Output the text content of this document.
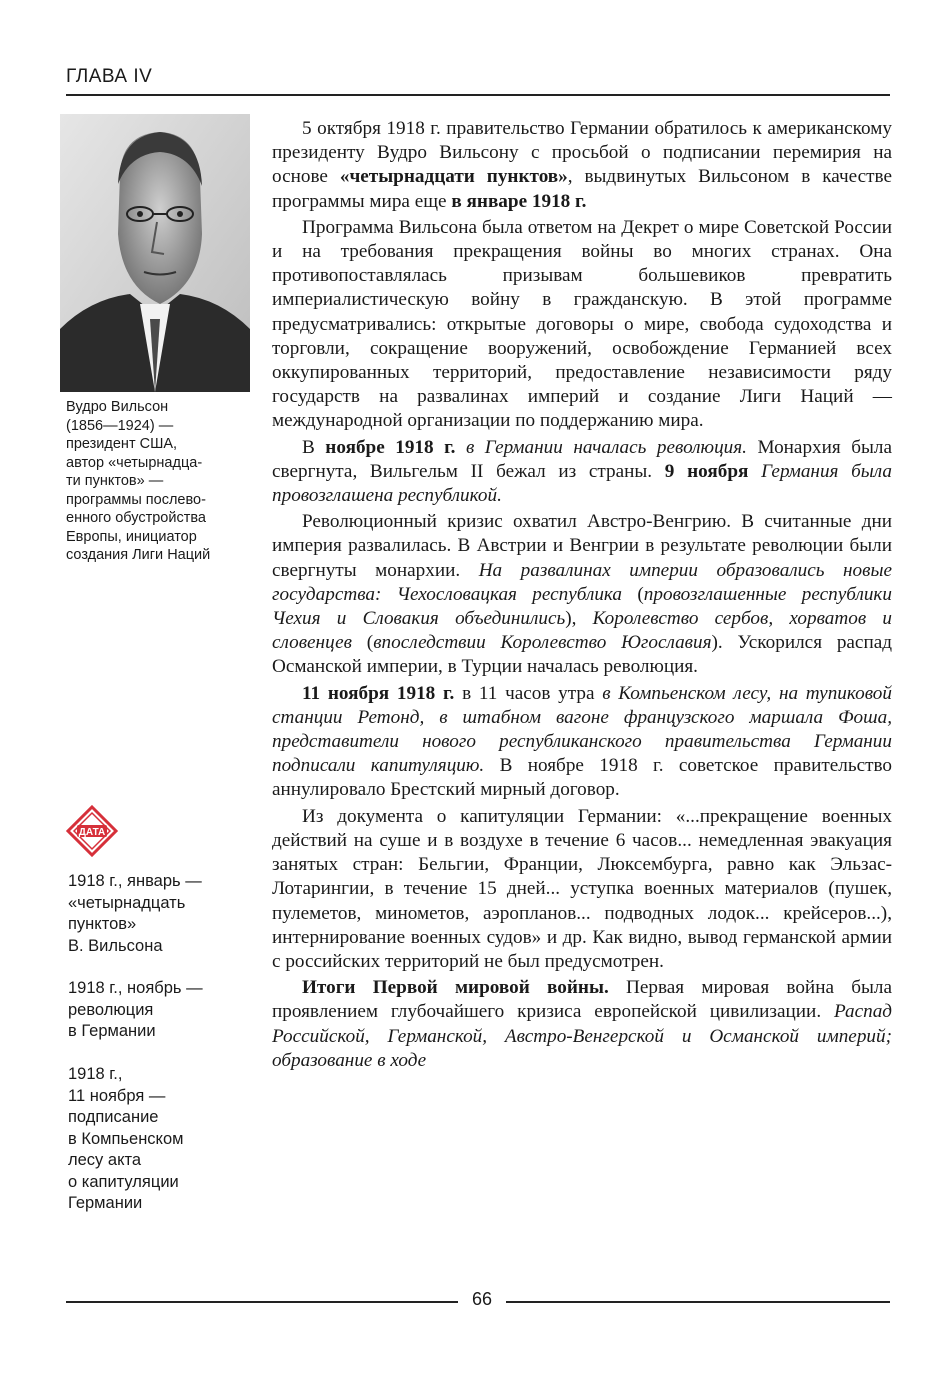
ГЛАВА IV
Вудро Вильсон
(1856—1924) —
президент США,
автор «четырнадца-
ти пунктов» —
программы послево-
енного обустройства
Европы, инициатор
создания Лиги Наций
ДАТА
1918 г., январь —
«четырнадцать
пунктов»
В. Вильсона
1918 г., ноябрь —
революция
в Германии
1918 г.,
11 ноября —
подписание
в Компьенском
лесу акта
о капитуляции
Германии

5 октября 1918 г. правительство Германии обратилось к американскому президенту Вудро Вильсону с просьбой о подписании перемирия на основе «четырнадцати пунктов», выдвинутых Вильсоном в качестве программы мира еще в январе 1918 г.

Программа Вильсона была ответом на Декрет о мире Советской России и на требования прекращения войны во многих странах. Она противопоставлялась призывам большевиков превратить империалистическую войну в гражданскую. В этой программе предусматривались: открытые договоры о мире, свобода судоходства и торговли, сокращение вооружений, освобождение Германией всех оккупированных территорий, предоставление независимости ряду государств на развалинах империй и создание Лиги Наций — международной организации по поддержанию мира.

В ноябре 1918 г. в Германии началась революция. Монархия была свергнута, Вильгельм II бежал из страны. 9 ноября Германия была провозглашена республикой.

Революционный кризис охватил Австро-Венгрию. В считанные дни империя развалилась. В Австрии и Венгрии в результате революции были свергнуты монархии. На развалинах империи образовались новые государства: Чехословацкая республика (провозглашенные республики Чехия и Словакия объединились), Королевство сербов, хорватов и словенцев (впоследствии Королевство Югославия). Ускорился распад Османской империи, в Турции началась революция.

11 ноября 1918 г. в 11 часов утра в Компьенском лесу, на тупиковой станции Ретонд, в штабном вагоне французского маршала Фоша, представители нового республиканского правительства Германии подписали капитуляцию. В ноябре 1918 г. советское правительство аннулировало Брестский мирный договор.

Из документа о капитуляции Германии: «...прекращение военных действий на суше и в воздухе в течение 6 часов... немедленная эвакуация занятых стран: Бельгии, Франции, Люксембурга, равно как Эльзас-Лотарингии, в течение 15 дней... уступка военных материалов (пушек, пулеметов, минометов, аэропланов... подводных лодок... крейсеров...), интернирование военных судов» и др. Как видно, вывод германской армии с российских территорий не был предусмотрен.

Итоги Первой мировой войны. Первая мировая война была проявлением глубочайшего кризиса европейской цивилизации. Распад Российской, Германской, Австро-Венгерской и Османской империй; образование в ходе

66
